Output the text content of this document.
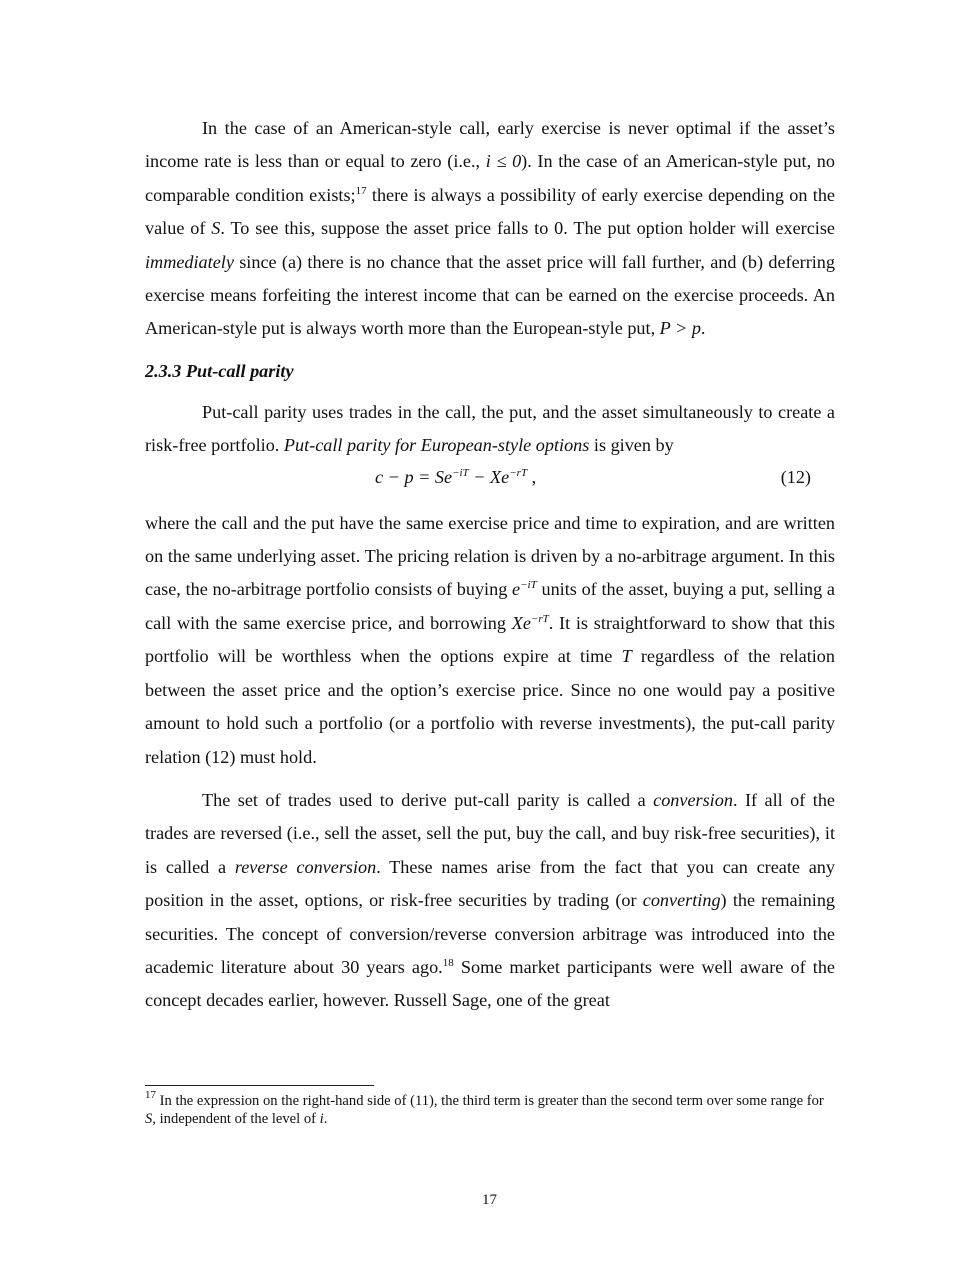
In the case of an American-style call, early exercise is never optimal if the asset’s income rate is less than or equal to zero (i.e., i ≤ 0). In the case of an American-style put, no comparable condition exists;$^{17}$ there is always a possibility of early exercise depending on the value of S. To see this, suppose the asset price falls to 0. The put option holder will exercise immediately since (a) there is no chance that the asset price will fall further, and (b) deferring exercise means forfeiting the interest income that can be earned on the exercise proceeds. An American-style put is always worth more than the European-style put, P > p.

2.3.3 Put-call parity

Put-call parity uses trades in the call, the put, and the asset simultaneously to create a risk-free portfolio. Put-call parity for European-style options is given by

$c - p = Se^{-iT} - Xe^{-rT}$ ,	(12)

where the call and the put have the same exercise price and time to expiration, and are written on the same underlying asset. The pricing relation is driven by a no-arbitrage argument. In this case, the no-arbitrage portfolio consists of buying $e^{-iT}$ units of the asset, buying a put, selling a call with the same exercise price, and borrowing $Xe^{-rT}$. It is straightforward to show that this portfolio will be worthless when the options expire at time T regardless of the relation between the asset price and the option’s exercise price. Since no one would pay a positive amount to hold such a portfolio (or a portfolio with reverse investments), the put-call parity relation (12) must hold.

The set of trades used to derive put-call parity is called a conversion. If all of the trades are reversed (i.e., sell the asset, sell the put, buy the call, and buy risk-free securities), it is called a reverse conversion. These names arise from the fact that you can create any position in the asset, options, or risk-free securities by trading (or converting) the remaining securities. The concept of conversion/reverse conversion arbitrage was introduced into the academic literature about 30 years ago.$^{18}$ Some market participants were well aware of the concept decades earlier, however. Russell Sage, one of the great

$^{17}$ In the expression on the right-hand side of (11), the third term is greater than the second term over some range for S, independent of the level of i.
17
